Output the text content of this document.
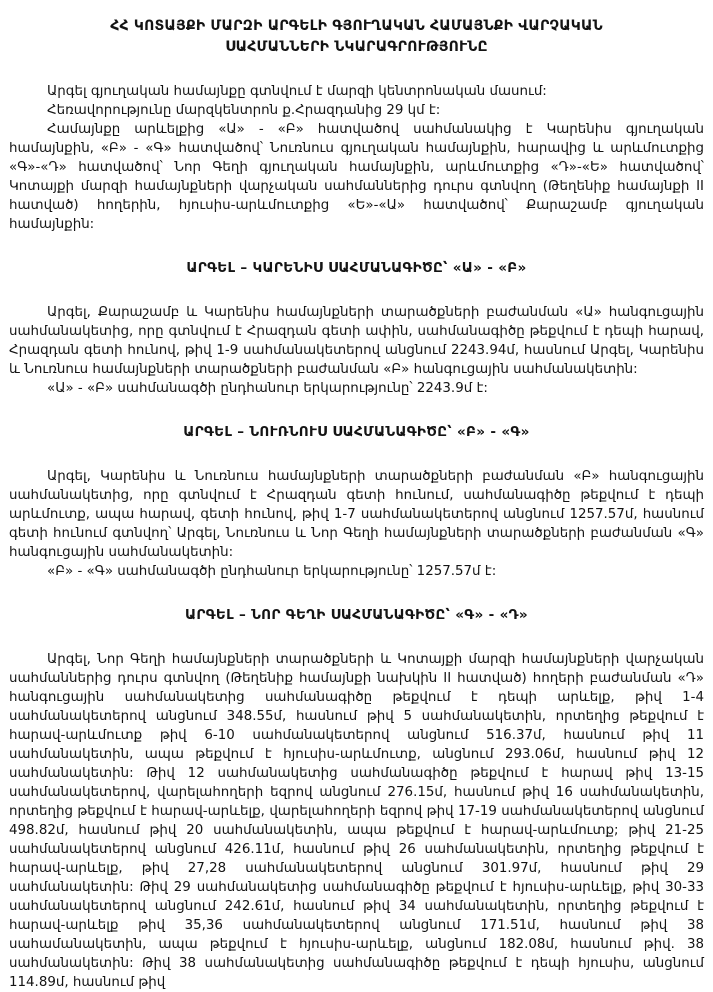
ՀՀ ԿՈՏԱՅՔԻ ՄԱՐԶԻ ԱՐԳԵԼԻ ԳՅՈՒՂԱԿԱՆ ՀԱՄԱՅՆՔԻ ՎԱՐՉԱԿԱՆ
ՍԱՀՄԱՆՆԵՐԻ ՆԿԱՐԱԳՐՈՒԹՅՈՒՆԸ

Արգել գյուղական համայնքը գտնվում է մարզի կենտրոնական մասում:

Հեռավորությունը մարզկենտրոն ք.Հրազդանից 29 կմ է:

Համայնքը արևելքից «Ա» - «Բ» հատվածով սահմանակից է Կարենիս գյուղական համայնքին, «Բ» - «Գ» հատվածով՝ Նուռնուս գյուղական համայնքին, հարավից և արևմուտքից «Գ»-«Դ» հատվածով՝ Նոր Գեղի գյուղական համայնքին, արևմուտքից «Դ»-«Ե» հատվածով՝ Կոտայքի մարզի համայնքների վարչական սահմաններից դուրս գտնվող (Թեղենիք համայնքի II հատված) հողերին, հյուսիս-արևմուտքից «Ե»-«Ա» հատվածով՝ Քարաշամբ գյուղական համայնքին:

ԱՐԳԵԼ – ԿԱՐԵՆԻՍ ՍԱՀՄԱՆԱԳԻԾԸ՝ «Ա» - «Բ»

Արգել, Քարաշամբ և Կարենիս համայնքների տարածքների բաժանման «Ա» հանգուցային սահմանակետից, որը գտնվում է Հրազդան գետի ափին, սահմանագիծը թեքվում է դեպի հարավ, Հրազդան գետի հունով, թիվ 1-9 սահմանակետերով անցնում 2243.94մ, հասնում Արգել, Կարենիս և Նուռնուս համայնքների տարածքների բաժանման «Բ» հանգուցային սահմանակետին:

«Ա» - «Բ» սահմանագծի ընդհանուր երկարությունը՝ 2243.9մ է:

ԱՐԳԵԼ – ՆՈՒՌՆՈՒՍ ՍԱՀՄԱՆԱԳԻԾԸ՝ «Բ» - «Գ»

Արգել, Կարենիս և Նուռնուս համայնքների տարածքների բաժանման «Բ» հանգուցային սահմանակետից, որը գտնվում է Հրազդան գետի հունում, սահմանագիծը թեքվում է դեպի արևմուտք, ապա հարավ, գետի հունով, թիվ 1-7 սահմանակետերով անցնում 1257.57մ, հասնում գետի հունում գտնվող՝ Արգել, Նուռնուս և Նոր Գեղի համայնքների տարածքների բաժանման «Գ» հանգուցային սահմանակետին:

«Բ» - «Գ» սահմանագծի ընդհանուր երկարությունը՝ 1257.57մ է:

ԱՐԳԵԼ – ՆՈՐ ԳԵՂԻ ՍԱՀՄԱՆԱԳԻԾԸ՝ «Գ» - «Դ»

Արգել, Նոր Գեղի համայնքների տարածքների և Կոտայքի մարզի համայնքների վարչական սահմաններից դուրս գտնվող (Թեղենիք համայնքի նախկին II հատված) հողերի բաժանման «Դ» հանգուցային սահմանակետից սահմանագիծը թեքվում է դեպի արևելք, թիվ 1-4 սահմանակետերով անցնում 348.55մ, հասնում թիվ 5 սահմանակետին, որտեղից թեքվում է հարավ-արևմուտք թիվ 6-10 սահմանակետերով անցնում 516.37մ, հասնում թիվ 11 սահմանակետին, ապա թեքվում է հյուսիս-արևմուտք, անցնում 293.06մ, հասնում թիվ 12 սահմանակետին: Թիվ 12 սահմանակետից սահմանագիծը թեքվում է հարավ թիվ 13-15 սահմանակետերով, վարելահողերի եզրով անցնում 276.15մ, հասնում թիվ 16 սահմանակետին, որտեղից թեքվում է հարավ-արևելք, վարելահողերի եզրով թիվ 17-19 սահմանակետերով անցնում 498.82մ, հասնում թիվ 20 սահմանակետին, ապա թեքվում է հարավ-արևմուտք; թիվ 21-25 սահմանակետերով անցնում 426.11մ, հասնում թիվ 26 սահմանակետին, որտեղից թեքվում է հարավ-արևելք, թիվ 27,28 սահմանակետերով անցնում 301.97մ, հասնում թիվ 29 սահմանակետին: Թիվ 29 սահմանակետից սահմանագիծը թեքվում է հյուսիս-արևելք, թիվ 30-33 սահմանակետերով անցնում 242.61մ, հասնում թիվ 34 սահմանակետին, որտեղից թեքվում է հարավ-արևելք թիվ 35,36 սահմանակետերով անցնում 171.51մ, հասնում թիվ 38 սահամանակետին, ապա թեքվում է հյուսիս-արևելք, անցնում 182.08մ, հասնում թիվ. 38 սահմանակետին: Թիվ 38 սահմանակետից սահմանագիծը թեքվում է դեպի հյուսիս, անցնում 114.89մ, հասնում թիվ
